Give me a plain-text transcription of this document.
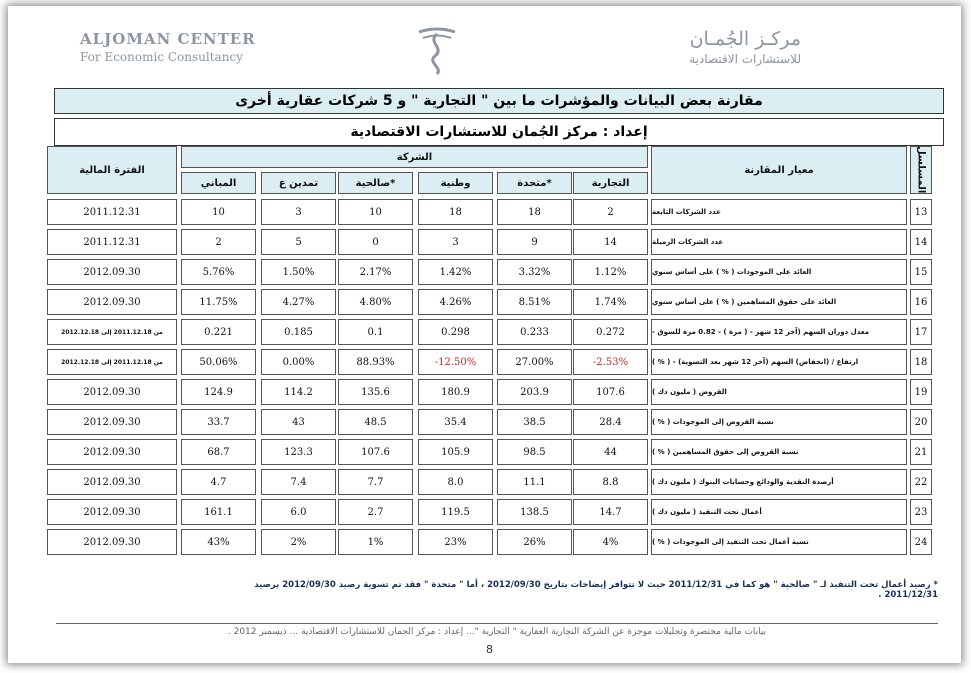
ALJOMAN CENTER
For Economic Consultancy
مركـز الجُمـان
للاستشارات الاقتصادية
مقارنة بعض البيانات والمؤشرات ما بين " التجارية " و 5 شركات عقارية أخرى
إعداد : مركز الجُمان للاستشارات الاقتصادية
المسلسل
معيار المقارنة
الشركة
التجارية
متحدة*
وطنية
صالحية*
تمدين ع
المباني
الفترة المالية
13
عدد الشركات التابعة
2
18
18
10
3
10
2011.12.31
14
عدد الشركات الزميلة
14
9
3
0
5
2
2011.12.31
15
العائد على الموجودات ( % ) على أساس سنوي
1.12%
3.32%
1.42%
2.17%
1.50%
5.76%
2012.09.30
16
العائد على حقوق المساهمين ( % ) على أساس سنوي
1.74%
8.51%
4.26%
4.80%
4.27%
11.75%
2012.09.30
17
معدل دوران السهم (آخر 12 شهر - ( مرة ) - 0.82 مرة للسوق -
0.272
0.233
0.298
0.1
0.185
0.221
من 2011.12.18 إلى 2012.12.18
18
ارتفاع / (انخفاض) السهم (آخر 12 شهر بعد التسوية) - ( % )
-2.53%
27.00%
-12.50%
88.93%
0.00%
50.06%
من 2011.12.18 إلى 2012.12.18
19
القروض ( مليون دك )
107.6
203.9
180.9
135.6
114.2
124.9
2012.09.30
20
نسبة القروض إلى الموجودات ( % )
28.4
38.5
35.4
48.5
43
33.7
2012.09.30
21
نسبة القروض إلى حقوق المساهمين ( % )
44
98.5
105.9
107.6
123.3
68.7
2012.09.30
22
أرصدة النقدية والودائع وحسابات البنوك ( مليون دك )
8.8
11.1
8.0
7.7
7.4
4.7
2012.09.30
23
أعمال تحت التنفيذ ( مليون دك )
14.7
138.5
119.5
2.7
6.0
161.1
2012.09.30
24
نسبة أعمال تحت التنفيذ إلى الموجودات ( % )
4%
26%
23%
1%
2%
43%
2012.09.30
* رصيد أعمال تحت التنفيذ لـ " صالحية " هو كما في 2011/12/31 حيث لا تتوافر إيضاحات بتاريخ 2012/09/30 ، أما " متحدة " فقد تم تسوية رصيد 2012/09/30 برصيد 2011/12/31 .
بيانات مالية مختصرة وتحليلات موجزة عن الشركة التجارية العقارية " التجارية "... إعداد : مركز الجمان للاستشارات الاقتصادية ... ديسمبر 2012 .
8
